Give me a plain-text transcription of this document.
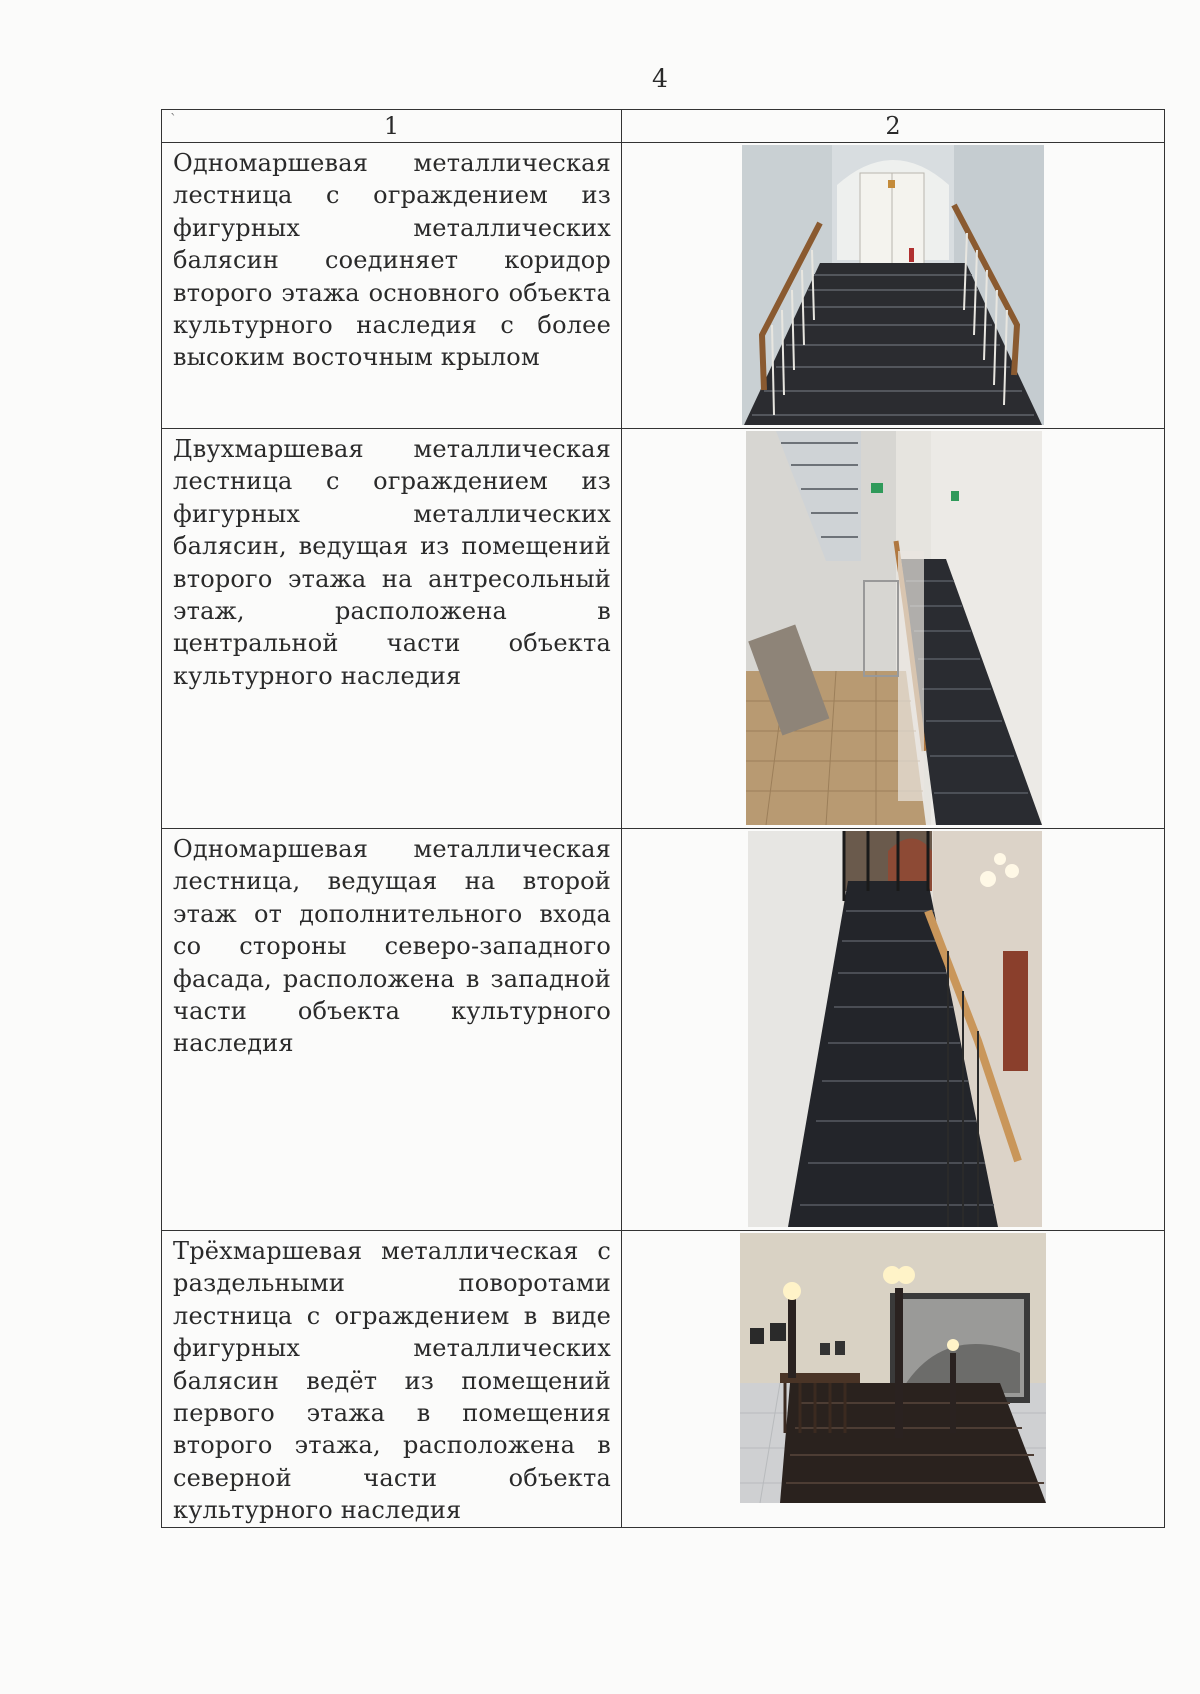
4
`	1	2

Одномаршевая металлическая лестница с ограждением из фигурных металлических балясин соединяет коридор второго этажа основного объекта культурного наследия с более высоким восточным крылом

Двухмаршевая металлическая лестница с ограждением из фигурных металлических балясин, ведущая из помещений второго этажа на антресольный этаж, расположена в центральной части объекта культурного наследия

Одномаршевая металлическая лестница, ведущая на второй этаж от дополнительного входа со стороны северо-западного фасада, расположена в западной части объекта культурного наследия

Трёхмаршевая металлическая с раздельными поворотами лестница с ограждением в виде фигурных металлических балясин ведёт из помещений первого этажа в помещения второго этажа, расположена в северной части объекта культурного наследия
